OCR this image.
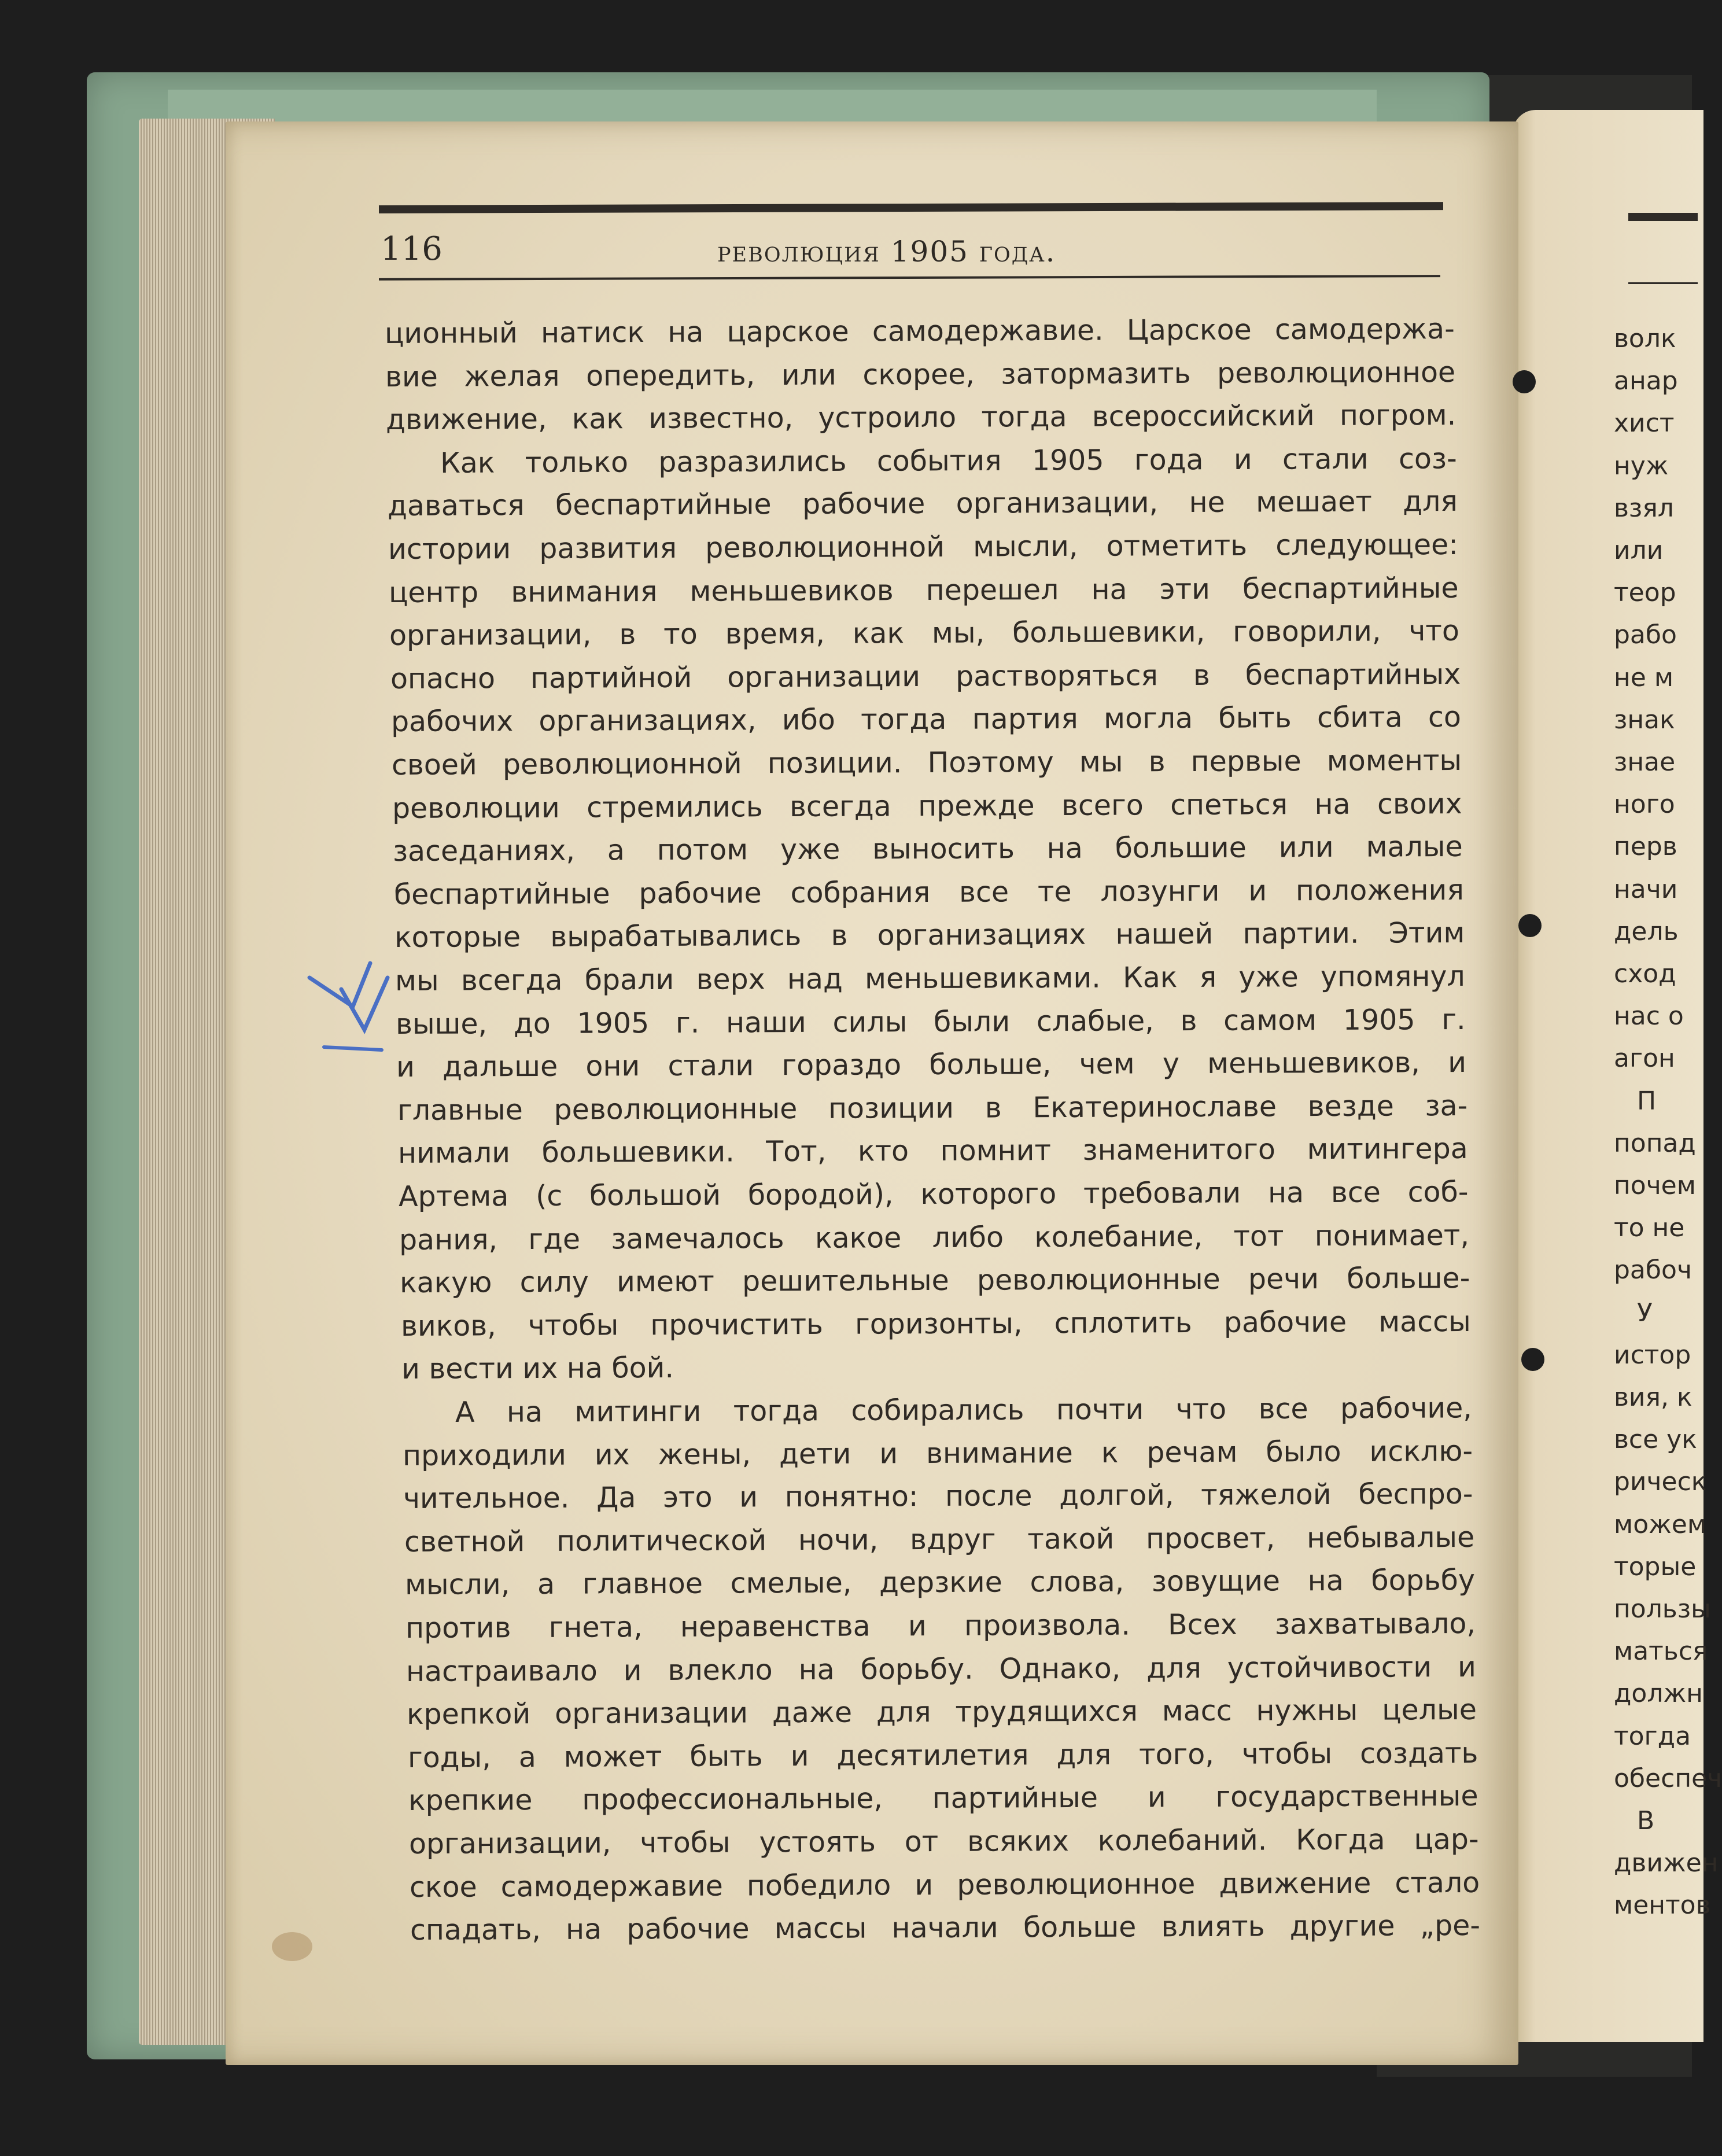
116	революция 1905 года.
ционный натиск на царское самодержавие. Царское самодержа-
вие желая опередить, или скорее, затормазить революционное
движение, как известно, устроило тогда всероссийский погром.
Как только разразились события 1905 года и стали соз-
даваться беспартийные рабочие организации, не мешает для
истории развития революционной мысли, отметить следующее:
центр внимания меньшевиков перешел на эти беспартийные
организации, в то время, как мы, большевики, говорили, что
опасно партийной организации растворяться в беспартийных
рабочих организациях, ибо тогда партия могла быть сбита со
своей революционной позиции. Поэтому мы в первые моменты
революции стремились всегда прежде всего спеться на своих
заседаниях, а потом уже выносить на большие или малые
беспартийные рабочие собрания все те лозунги и положения
которые вырабатывались в организациях нашей партии. Этим
мы всегда брали верх над меньшевиками. Как я уже упомянул
выше, до 1905 г. наши силы были слабые, в самом 1905 г.
и дальше они стали гораздо больше, чем у меньшевиков, и
главные революционные позиции в Екатеринославе везде за-
нимали большевики. Тот, кто помнит знаменитого митингера
Артема (с большой бородой), которого требовали на все соб-
рания, где замечалось какое либо колебание, тот понимает,
какую силу имеют решительные революционные речи больше-
виков, чтобы прочистить горизонты, сплотить рабочие массы
и вести их на бой.
А на митинги тогда собирались почти что все рабочие,
приходили их жены, дети и внимание к речам было исклю-
чительное. Да это и понятно: после долгой, тяжелой беспро-
светной политической ночи, вдруг такой просвет, небывалые
мысли, а главное смелые, дерзкие слова, зовущие на борьбу
против гнета, неравенства и произвола. Всех захватывало,
настраивало и влекло на борьбу. Однако, для устойчивости и
крепкой организации даже для трудящихся масс нужны целые
годы, а может быть и десятилетия для того, чтобы создать
крепкие профессиональные, партийные и государственные
организации, чтобы устоять от всяких колебаний. Когда цар-
ское самодержавие победило и революционное движение стало
спадать, на рабочие массы начали больше влиять другие „ре-
волк
анар
хист
нуж
взял
или
теор
рабо
не м
знак
знае
ного
перв
начи
дель
сход
нас о
агон
П
попад
почем
то не
рабоч
У
истор
вия, к
все ук
рическ
можем
торые
пользы
маться
должн
тогда
обеспеч
В
движен
ментов
